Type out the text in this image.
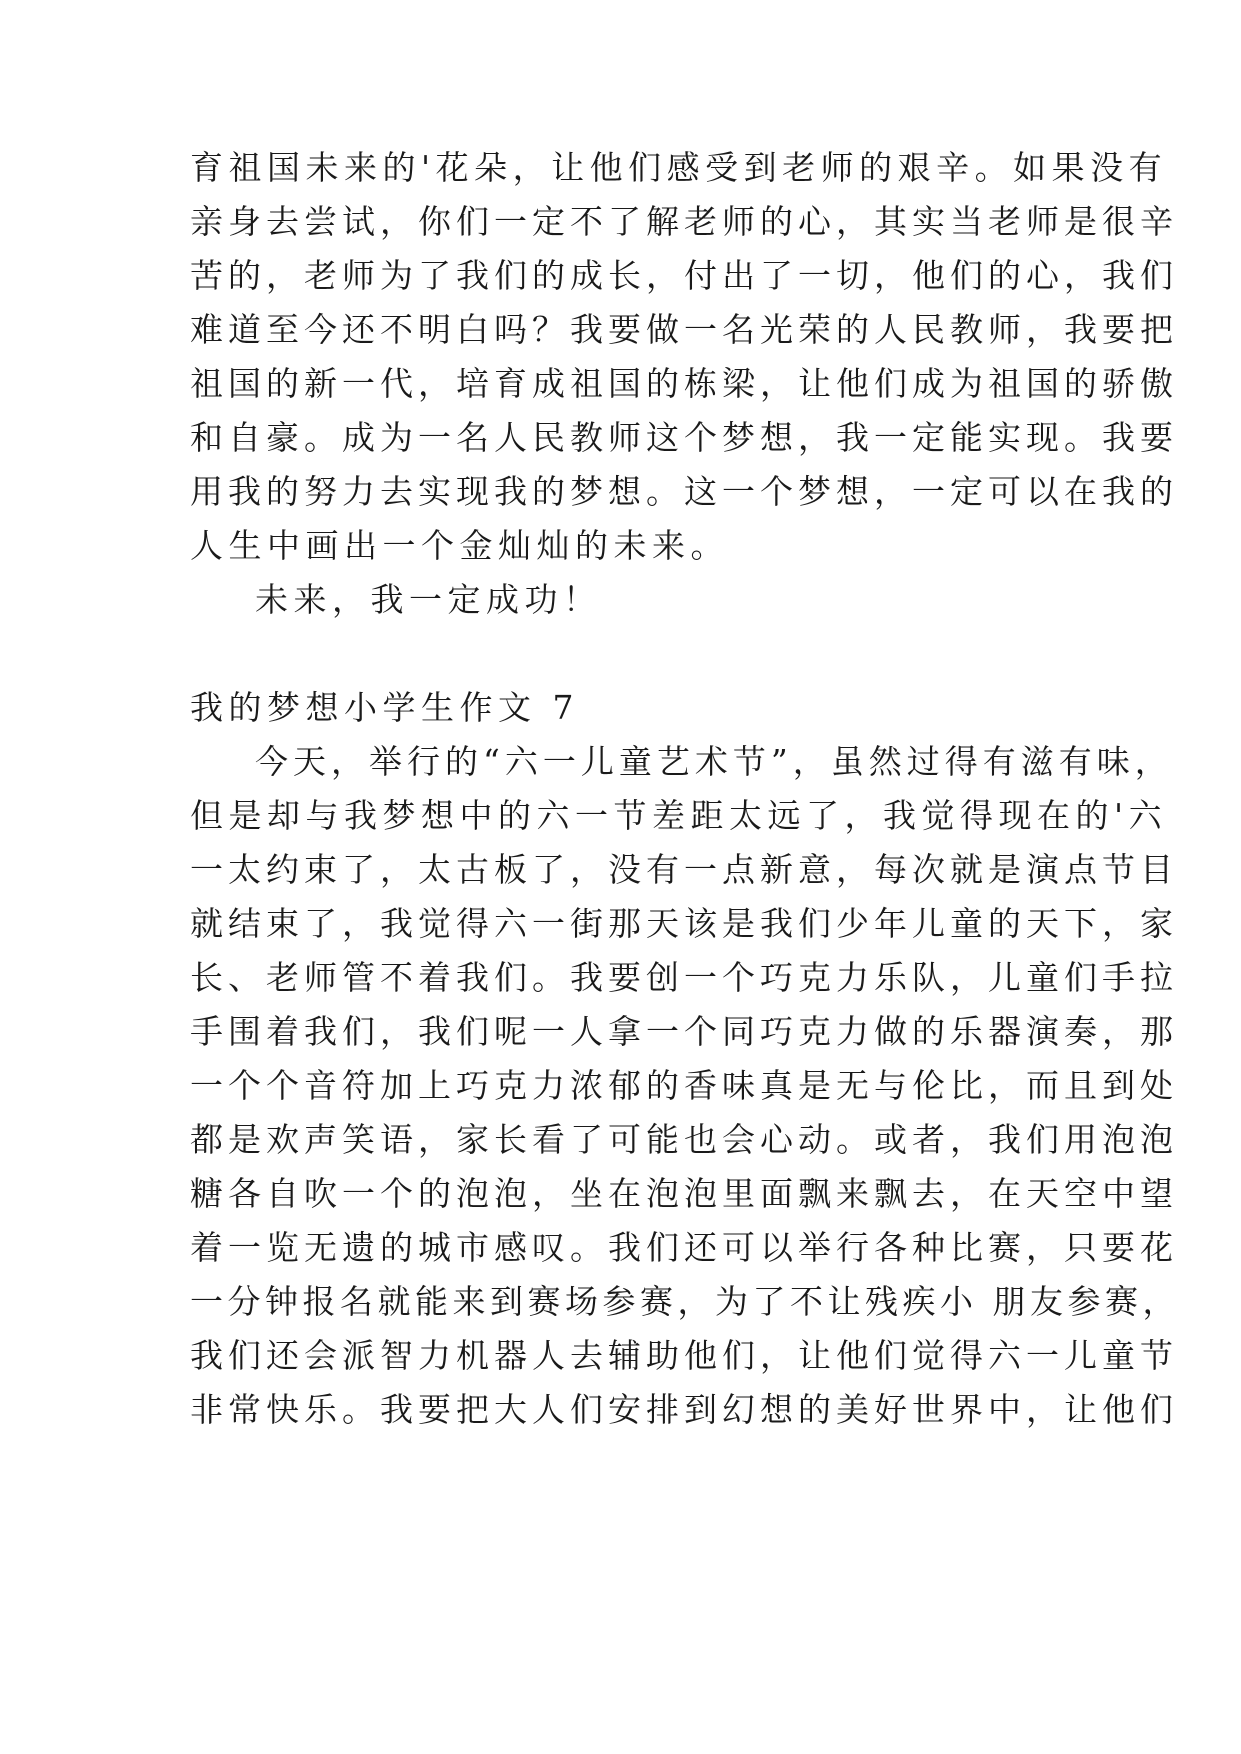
育祖国未来的'花朵，让他们感受到老师的艰辛。如果没有
亲身去尝试，你们一定不了解老师的心，其实当老师是很辛
苦的，老师为了我们的成长，付出了一切，他们的心，我们
难道至今还不明白吗？我要做一名光荣的人民教师，我要把
祖国的新一代，培育成祖国的栋梁，让他们成为祖国的骄傲
和自豪。成为一名人民教师这个梦想，我一定能实现。我要
用我的努力去实现我的梦想。这一个梦想，一定可以在我的
人生中画出一个金灿灿的未来。
未来，我一定成功！
我的梦想小学生作文 7
今天，举行的“六一儿童艺术节”，虽然过得有滋有味，
但是却与我梦想中的六一节差距太远了，我觉得现在的'六
一太约束了，太古板了，没有一点新意，每次就是演点节目
就结束了，我觉得六一街那天该是我们少年儿童的天下，家
长、老师管不着我们。我要创一个巧克力乐队，儿童们手拉
手围着我们，我们呢一人拿一个同巧克力做的乐器演奏，那
一个个音符加上巧克力浓郁的香味真是无与伦比，而且到处
都是欢声笑语，家长看了可能也会心动。或者，我们用泡泡
糖各自吹一个的泡泡，坐在泡泡里面飘来飘去，在天空中望
着一览无遗的城市感叹。我们还可以举行各种比赛，只要花
一分钟报名就能来到赛场参赛，为了不让残疾小 朋友参赛，
我们还会派智力机器人去辅助他们，让他们觉得六一儿童节
非常快乐。我要把大人们安排到幻想的美好世界中，让他们
